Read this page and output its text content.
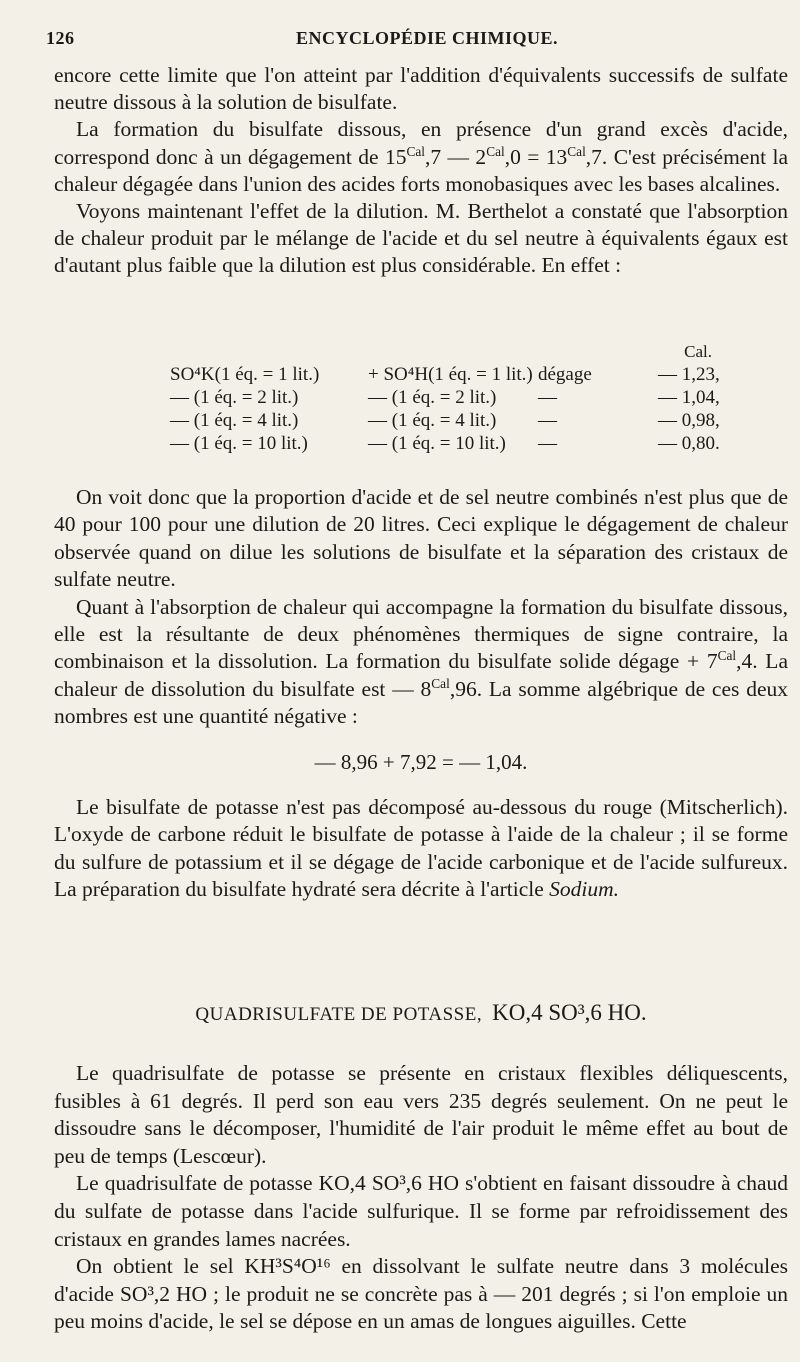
126	ENCYCLOPÉDIE CHIMIQUE.

encore cette limite que l'on atteint par l'addition d'équivalents successifs de sulfate neutre dissous à la solution de bisulfate.

La formation du bisulfate dissous, en présence d'un grand excès d'acide, correspond donc à un dégagement de $15^{Cal},7$ — $2^{Cal},0 = 13^{Cal},7$. C'est précisément la chaleur dégagée dans l'union des acides forts monobasiques avec les bases alcalines.

Voyons maintenant l'effet de la dilution. M. Berthelot a constaté que l'absorption de chaleur produit par le mélange de l'acide et du sel neutre à équivalents égaux est d'autant plus faible que la dilution est plus considérable. En effet :

Cal.
SO⁴K(1 éq. = 1 lit.)	+ SO⁴H(1 éq. = 1 lit.) dégage	— 1,23,
— (1 éq. = 2 lit.)	— (1 éq. = 2 lit.)	—	— 1,04,
— (1 éq. = 4 lit.)	— (1 éq. = 4 lit.)	—	— 0,98,
— (1 éq. = 10 lit.)	— (1 éq. = 10 lit.)	—	— 0,80.

On voit donc que la proportion d'acide et de sel neutre combinés n'est plus que de 40 pour 100 pour une dilution de 20 litres. Ceci explique le dégagement de chaleur observée quand on dilue les solutions de bisulfate et la séparation des cristaux de sulfate neutre.

Quant à l'absorption de chaleur qui accompagne la formation du bisulfate dissous, elle est la résultante de deux phénomènes thermiques de signe contraire, la combinaison et la dissolution. La formation du bisulfate solide dégage + $7^{Cal},4$. La chaleur de dissolution du bisulfate est — $8^{Cal},96$. La somme algébrique de ces deux nombres est une quantité négative :

— 8,96 + 7,92 = — 1,04.

Le bisulfate de potasse n'est pas décomposé au-dessous du rouge (Mitscherlich). L'oxyde de carbone réduit le bisulfate de potasse à l'aide de la chaleur ; il se forme du sulfure de potassium et il se dégage de l'acide carbonique et de l'acide sulfureux. La préparation du bisulfate hydraté sera décrite à l'article Sodium.

QUADRISULFATE DE POTASSE, KO,4 SO³,6 HO.

Le quadrisulfate de potasse se présente en cristaux flexibles déliquescents, fusibles à 61 degrés. Il perd son eau vers 235 degrés seulement. On ne peut le dissoudre sans le décomposer, l'humidité de l'air produit le même effet au bout de peu de temps (Lescœur).

Le quadrisulfate de potasse KO,4 SO³,6 HO s'obtient en faisant dissoudre à chaud du sulfate de potasse dans l'acide sulfurique. Il se forme par refroidissement des cristaux en grandes lames nacrées.

On obtient le sel KH³S⁴O¹⁶ en dissolvant le sulfate neutre dans 3 molécules d'acide SO³,2 HO ; le produit ne se concrète pas à — 201 degrés ; si l'on emploie un peu moins d'acide, le sel se dépose en un amas de longues aiguilles. Cette
